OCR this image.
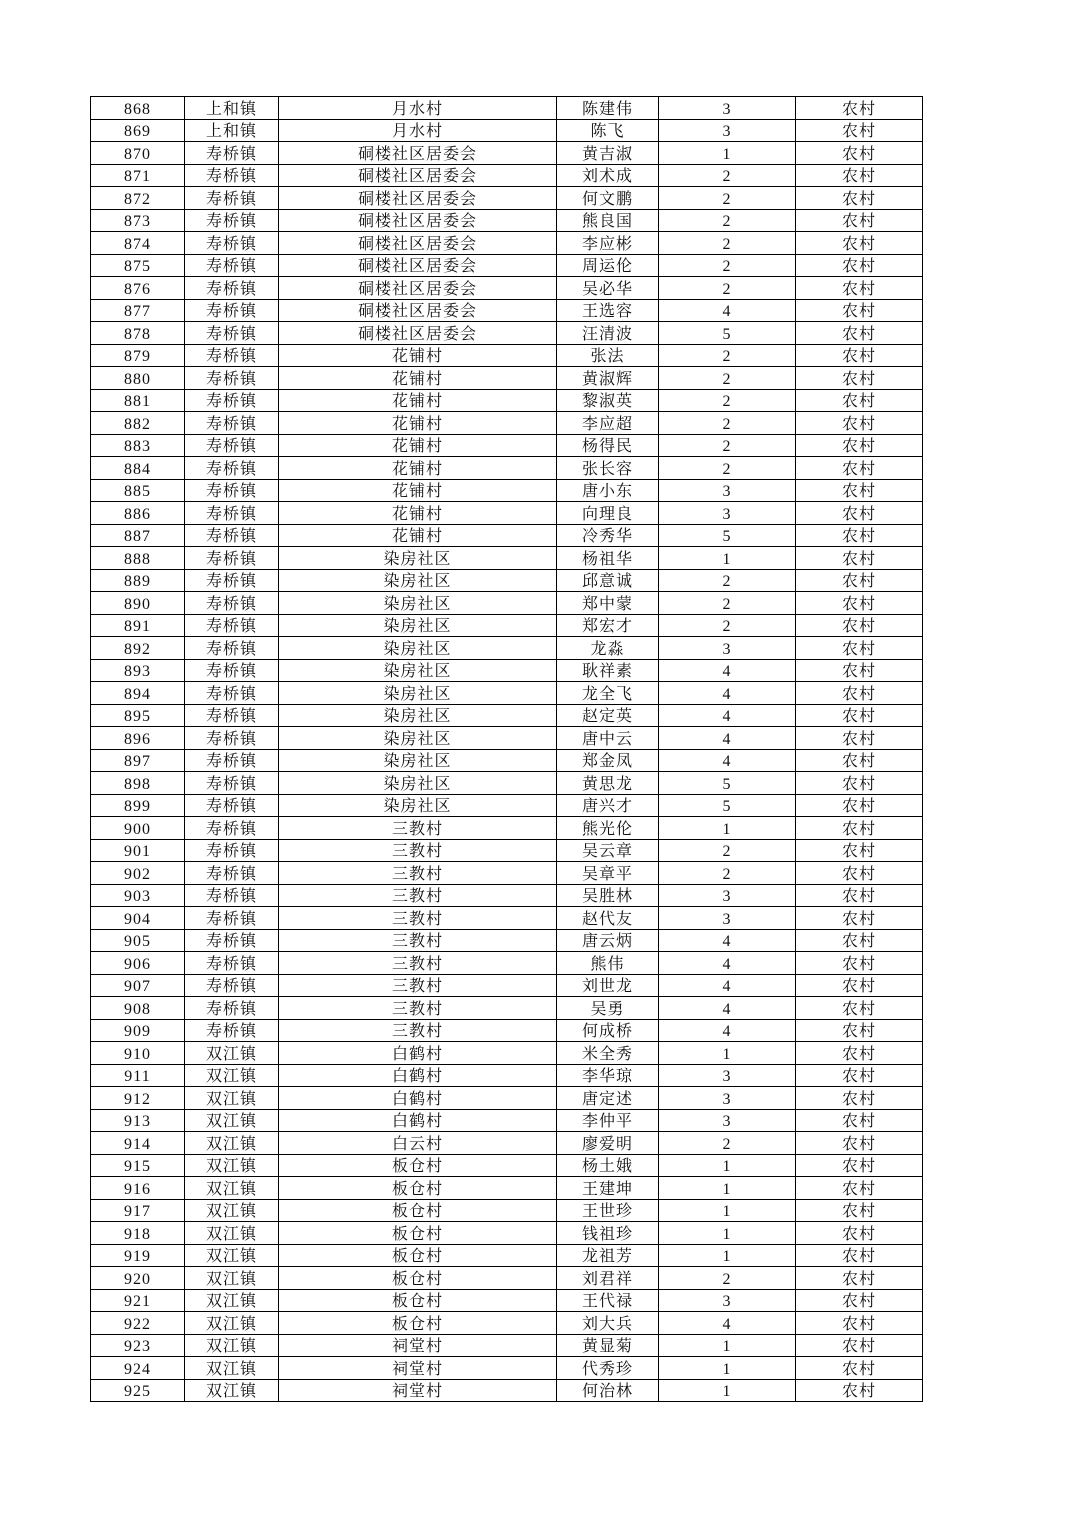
868	上和镇	月水村	陈建伟	3	农村
869	上和镇	月水村	陈飞	3	农村
870	寿桥镇	硐楼社区居委会	黄吉淑	1	农村
871	寿桥镇	硐楼社区居委会	刘术成	2	农村
872	寿桥镇	硐楼社区居委会	何文鹏	2	农村
873	寿桥镇	硐楼社区居委会	熊良国	2	农村
874	寿桥镇	硐楼社区居委会	李应彬	2	农村
875	寿桥镇	硐楼社区居委会	周运伦	2	农村
876	寿桥镇	硐楼社区居委会	吴必华	2	农村
877	寿桥镇	硐楼社区居委会	王选容	4	农村
878	寿桥镇	硐楼社区居委会	汪清波	5	农村
879	寿桥镇	花铺村	张法	2	农村
880	寿桥镇	花铺村	黄淑辉	2	农村
881	寿桥镇	花铺村	黎淑英	2	农村
882	寿桥镇	花铺村	李应超	2	农村
883	寿桥镇	花铺村	杨得民	2	农村
884	寿桥镇	花铺村	张长容	2	农村
885	寿桥镇	花铺村	唐小东	3	农村
886	寿桥镇	花铺村	向理良	3	农村
887	寿桥镇	花铺村	冷秀华	5	农村
888	寿桥镇	染房社区	杨祖华	1	农村
889	寿桥镇	染房社区	邱意诚	2	农村
890	寿桥镇	染房社区	郑中蒙	2	农村
891	寿桥镇	染房社区	郑宏才	2	农村
892	寿桥镇	染房社区	龙淼	3	农村
893	寿桥镇	染房社区	耿祥素	4	农村
894	寿桥镇	染房社区	龙全飞	4	农村
895	寿桥镇	染房社区	赵定英	4	农村
896	寿桥镇	染房社区	唐中云	4	农村
897	寿桥镇	染房社区	郑金凤	4	农村
898	寿桥镇	染房社区	黄思龙	5	农村
899	寿桥镇	染房社区	唐兴才	5	农村
900	寿桥镇	三教村	熊光伦	1	农村
901	寿桥镇	三教村	吴云章	2	农村
902	寿桥镇	三教村	吴章平	2	农村
903	寿桥镇	三教村	吴胜林	3	农村
904	寿桥镇	三教村	赵代友	3	农村
905	寿桥镇	三教村	唐云炳	4	农村
906	寿桥镇	三教村	熊伟	4	农村
907	寿桥镇	三教村	刘世龙	4	农村
908	寿桥镇	三教村	吴勇	4	农村
909	寿桥镇	三教村	何成桥	4	农村
910	双江镇	白鹤村	米全秀	1	农村
911	双江镇	白鹤村	李华琼	3	农村
912	双江镇	白鹤村	唐定述	3	农村
913	双江镇	白鹤村	李仲平	3	农村
914	双江镇	白云村	廖爱明	2	农村
915	双江镇	板仓村	杨土娥	1	农村
916	双江镇	板仓村	王建坤	1	农村
917	双江镇	板仓村	王世珍	1	农村
918	双江镇	板仓村	钱祖珍	1	农村
919	双江镇	板仓村	龙祖芳	1	农村
920	双江镇	板仓村	刘君祥	2	农村
921	双江镇	板仓村	王代禄	3	农村
922	双江镇	板仓村	刘大兵	4	农村
923	双江镇	祠堂村	黄显菊	1	农村
924	双江镇	祠堂村	代秀珍	1	农村
925	双江镇	祠堂村	何治林	1	农村
